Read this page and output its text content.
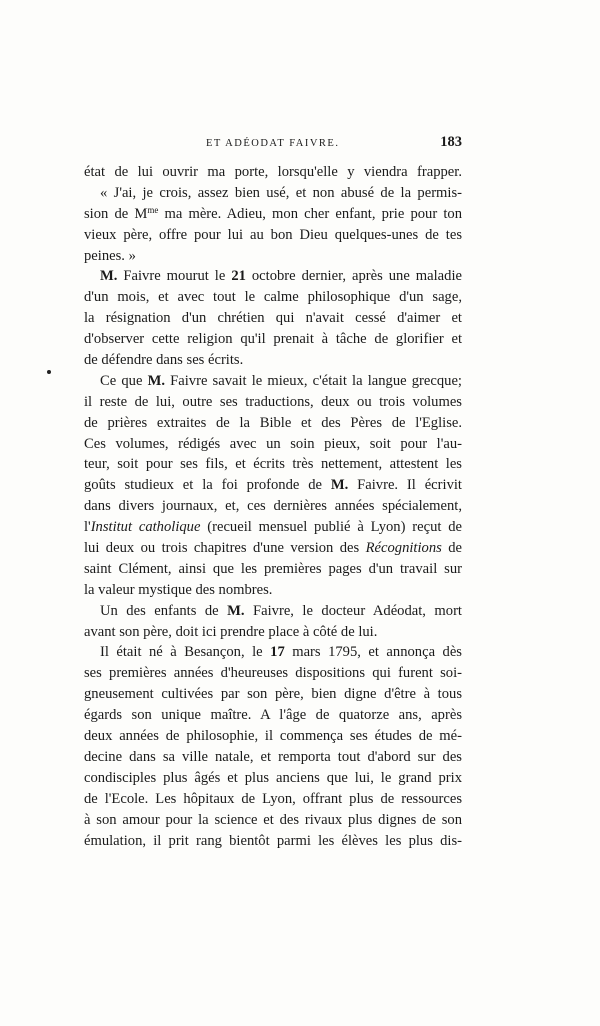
ET ADÉODAT FAIVRE.	183
état de lui ouvrir ma porte, lorsqu'elle y viendra frapper.
« J'ai, je crois, assez bien usé, et non abusé de la permis-
sion de $M^{me}$ ma mère. Adieu, mon cher enfant, prie pour ton
vieux père, offre pour lui au bon Dieu quelques-unes de tes
peines. »
M. Faivre mourut le 21 octobre dernier, après une maladie
d'un mois, et avec tout le calme philosophique d'un sage,
la résignation d'un chrétien qui n'avait cessé d'aimer et
d'observer cette religion qu'il prenait à tâche de glorifier et
de défendre dans ses écrits.
Ce que M. Faivre savait le mieux, c'était la langue grecque;
il reste de lui, outre ses traductions, deux ou trois volumes
de prières extraites de la Bible et des Pères de l'Eglise.
Ces volumes, rédigés avec un soin pieux, soit pour l'au-
teur, soit pour ses fils, et écrits très nettement, attestent les
goûts studieux et la foi profonde de M. Faivre. Il écrivit
dans divers journaux, et, ces dernières années spécialement,
l'Institut catholique (recueil mensuel publié à Lyon) reçut de
lui deux ou trois chapitres d'une version des Récognitions de
saint Clément, ainsi que les premières pages d'un travail sur
la valeur mystique des nombres.
Un des enfants de M. Faivre, le docteur Adéodat, mort
avant son père, doit ici prendre place à côté de lui.
Il était né à Besançon, le 17 mars 1795, et annonça dès
ses premières années d'heureuses dispositions qui furent soi-
gneusement cultivées par son père, bien digne d'être à tous
égards son unique maître. A l'âge de quatorze ans, après
deux années de philosophie, il commença ses études de mé-
decine dans sa ville natale, et remporta tout d'abord sur des
condisciples plus âgés et plus anciens que lui, le grand prix
de l'Ecole. Les hôpitaux de Lyon, offrant plus de ressources
à son amour pour la science et des rivaux plus dignes de son
émulation, il prit rang bientôt parmi les élèves les plus dis-
